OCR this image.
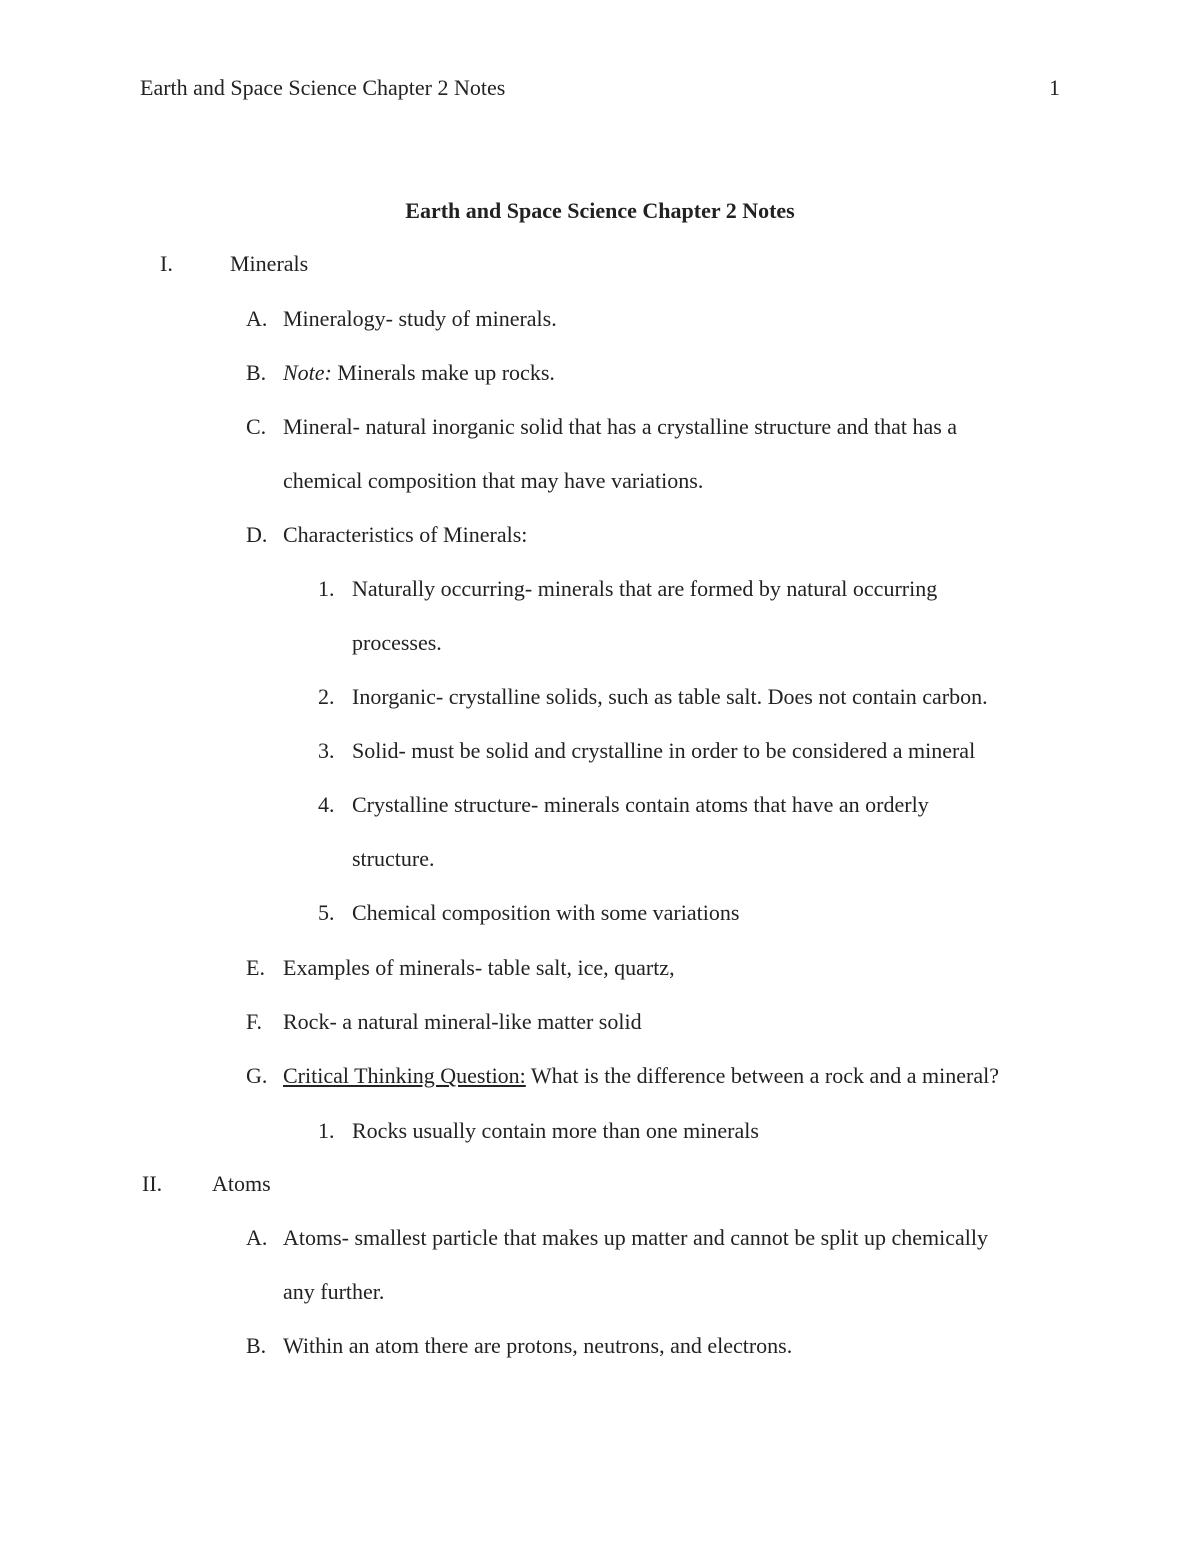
Earth and Space Science Chapter 2 Notes	1
Earth and Space Science Chapter 2 Notes
I.	Minerals
A. Mineralogy- study of minerals.
B. Note: Minerals make up rocks.
C. Mineral- natural inorganic solid that has a crystalline structure and that has a
chemical composition that may have variations.
D. Characteristics of Minerals:
1. Naturally occurring- minerals that are formed by natural occurring
processes.
2. Inorganic- crystalline solids, such as table salt. Does not contain carbon.
3. Solid- must be solid and crystalline in order to be considered a mineral
4. Crystalline structure- minerals contain atoms that have an orderly
structure.
5. Chemical composition with some variations
E. Examples of minerals- table salt, ice, quartz,
F. Rock- a natural mineral-like matter solid
G. Critical Thinking Question: What is the difference between a rock and a mineral?
1. Rocks usually contain more than one minerals
II. Atoms
A. Atoms- smallest particle that makes up matter and cannot be split up chemically
any further.
B. Within an atom there are protons, neutrons, and electrons.
